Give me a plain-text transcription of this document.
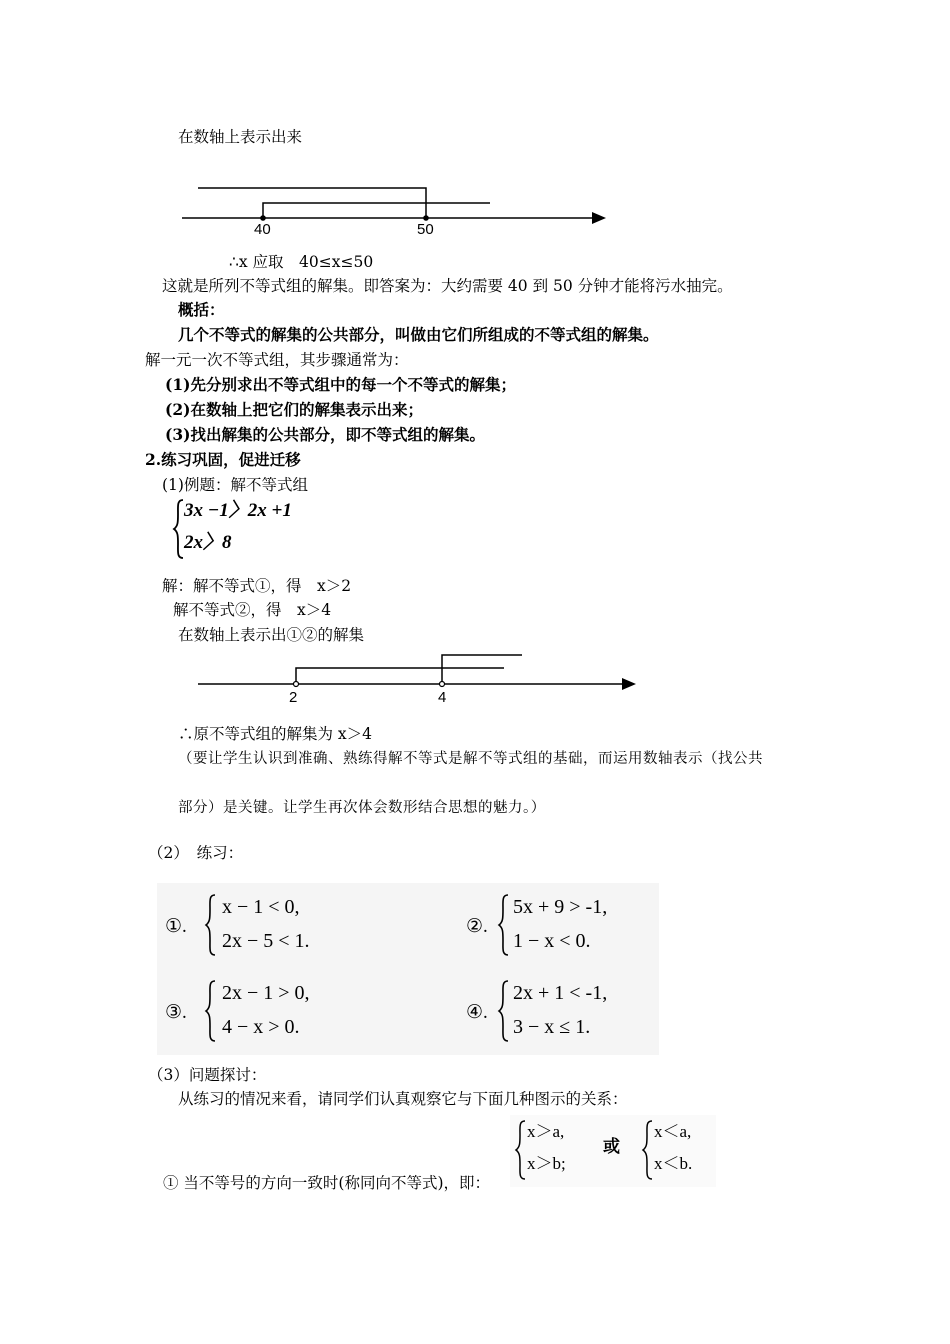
在数轴上表示出来
40	50
∴x 应取　40≤x≤50
这就是所列不等式组的解集。即答案为：大约需要 40 到 50 分钟才能将污水抽完。
概括：
几个不等式的解集的公共部分，叫做由它们所组成的不等式组的解集。
解一元一次不等式组，其步骤通常为：
(1)先分别求出不等式组中的每一个不等式的解集；
(2)在数轴上把它们的解集表示出来；
(3)找出解集的公共部分，即不等式组的解集。
2.练习巩固，促进迁移
(1)例题：解不等式组
3x −1〉2x +1
2x〉8
解：解不等式①，得　x＞2
解不等式②，得　x＞4
在数轴上表示出①②的解集
2	4
∴原不等式组的解集为 x＞4
（要让学生认识到准确、熟练得解不等式是解不等式组的基础，而运用数轴表示（找公共
部分）是关键。让学生再次体会数形结合思想的魅力。）
（2）　练习：
①.
x − 1 < 0,
2x − 5 < 1.
②.
5x + 9 > -1,
1 − x < 0.
③.
2x − 1 > 0,
4 − x > 0.
④.
2x + 1 < -1,
3 − x ≤ 1.
（3）问题探讨：
从练习的情况来看，请同学们认真观察它与下面几种图示的关系：
x＞a,
x＞b;
或
x＜a,
x＜b.
① 当不等号的方向一致时(称同向不等式)，即：
